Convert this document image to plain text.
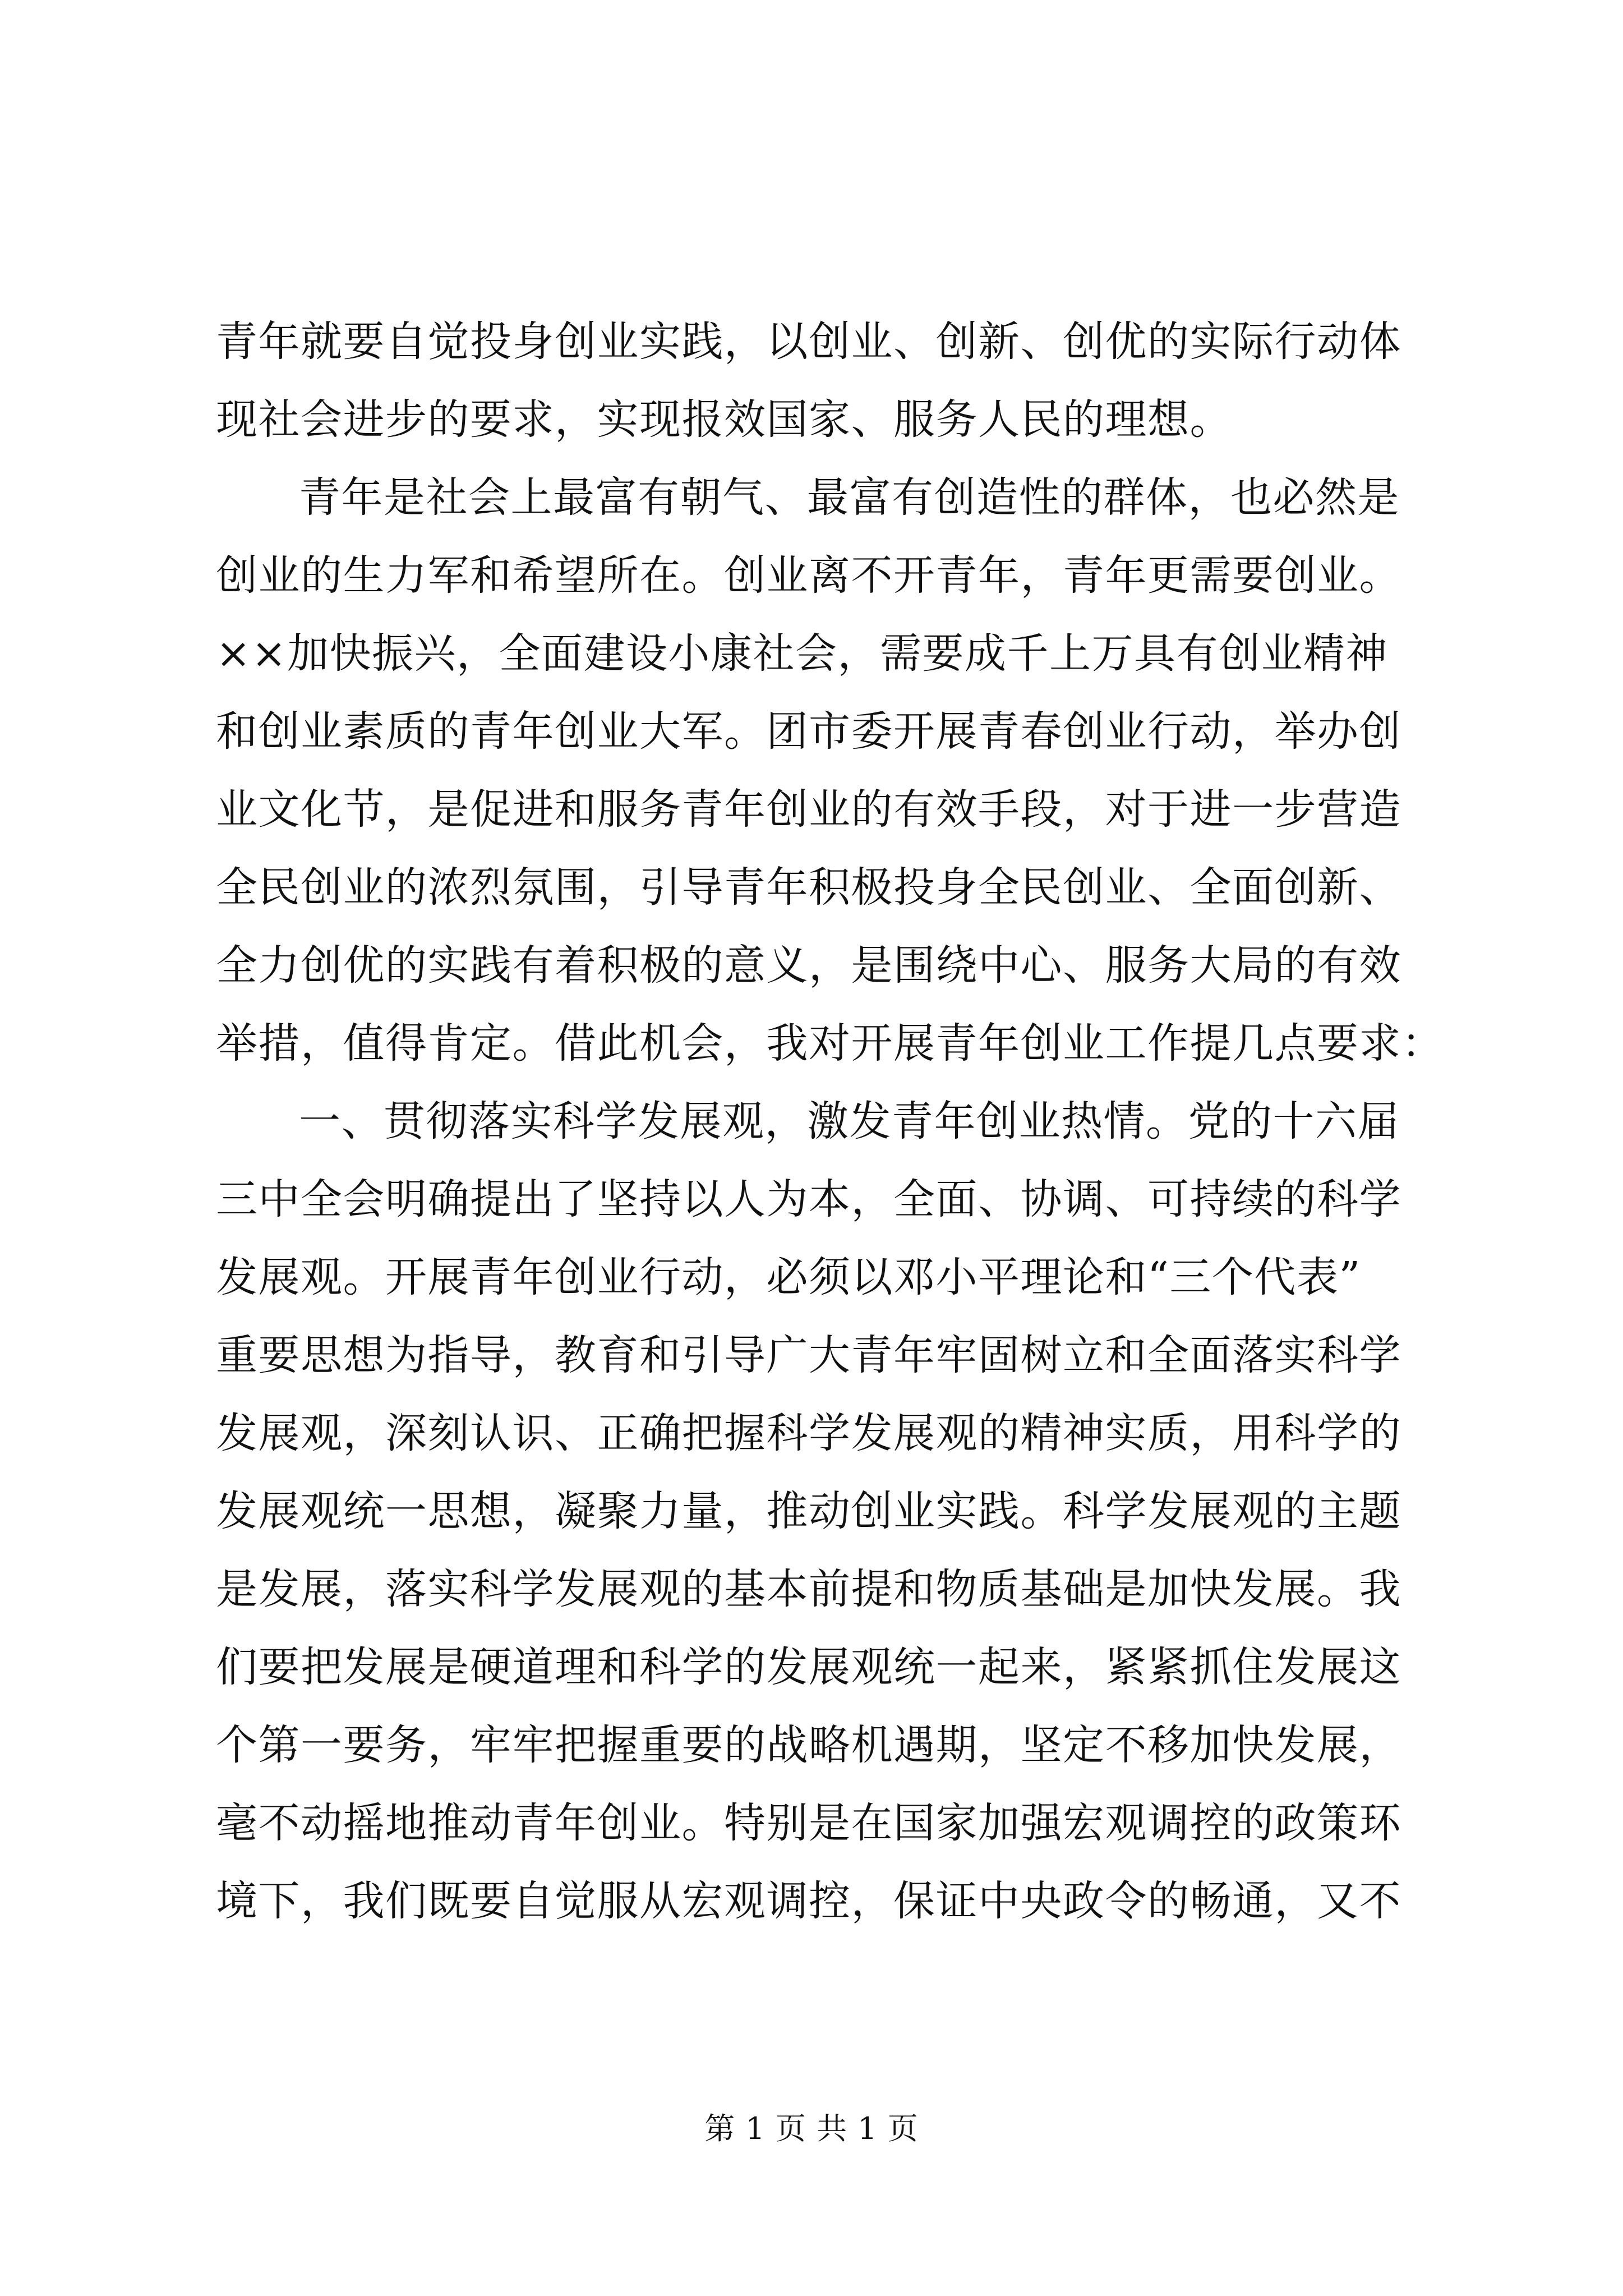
青年就要自觉投身创业实践，以创业、创新、创优的实际行动体
现社会进步的要求，实现报效国家、服务人民的理想。
青年是社会上最富有朝气、最富有创造性的群体，也必然是
创业的生力军和希望所在。创业离不开青年，青年更需要创业。
××加快振兴，全面建设小康社会，需要成千上万具有创业精神
和创业素质的青年创业大军。团市委开展青春创业行动，举办创
业文化节，是促进和服务青年创业的有效手段，对于进一步营造
全民创业的浓烈氛围，引导青年积极投身全民创业、全面创新、
全力创优的实践有着积极的意义，是围绕中心、服务大局的有效
举措，值得肯定。借此机会，我对开展青年创业工作提几点要求：
一、贯彻落实科学发展观，激发青年创业热情。党的十六届
三中全会明确提出了坚持以人为本，全面、协调、可持续的科学
发展观。开展青年创业行动，必须以邓小平理论和“三个代表”
重要思想为指导，教育和引导广大青年牢固树立和全面落实科学
发展观，深刻认识、正确把握科学发展观的精神实质，用科学的
发展观统一思想，凝聚力量，推动创业实践。科学发展观的主题
是发展，落实科学发展观的基本前提和物质基础是加快发展。我
们要把发展是硬道理和科学的发展观统一起来，紧紧抓住发展这
个第一要务，牢牢把握重要的战略机遇期，坚定不移加快发展，
毫不动摇地推动青年创业。特别是在国家加强宏观调控的政策环
境下，我们既要自觉服从宏观调控，保证中央政令的畅通，又不
第 1 页 共 1 页
